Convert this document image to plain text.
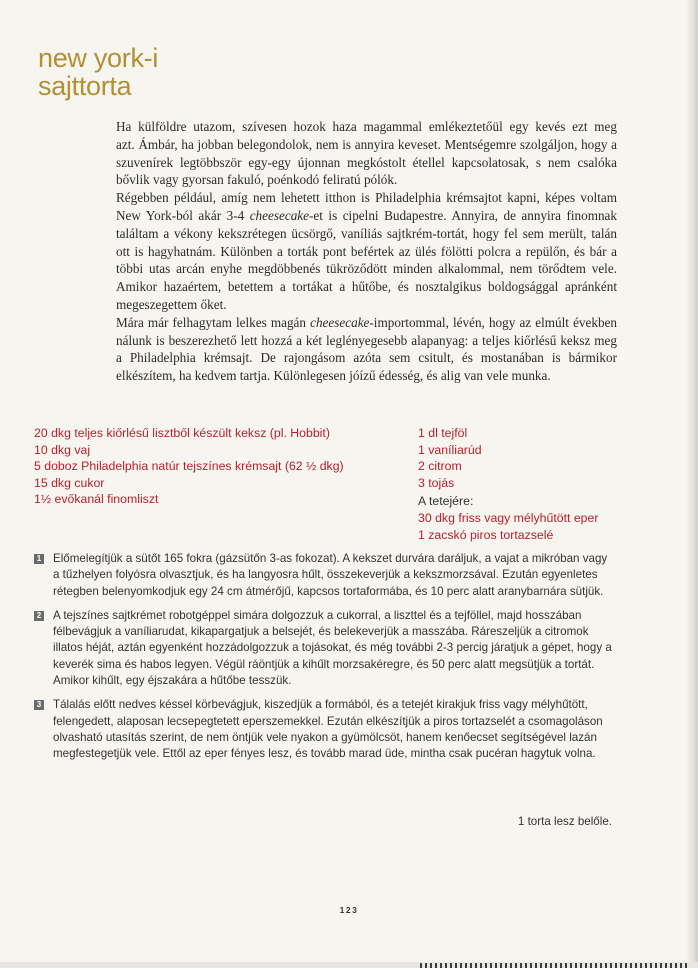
new york-i
sajttorta

Ha külföldre utazom, szívesen hozok haza magammal emlékeztetőül egy kevés ezt meg

azt. Ámbár, ha jobban belegondolok, nem is annyira keveset. Mentségemre szolgáljon, hogy a szuvenírek legtöbbször egy-egy újonnan megkóstolt étellel kapcsolatosak, s nem csalóka bővlik vagy gyorsan fakuló, poénkodó feliratú pólók.

Régebben például, amíg nem lehetett itthon is Philadelphia krémsajtot kapni, képes voltam New York-ból akár 3-4 cheesecake-et is cipelni Budapestre. Annyira, de annyira finomnak találtam a vékony kekszrétegen ücsörgő, vaníliás sajtkrém-tortát, hogy fel sem merült, talán ott is hagyhatnám. Különben a torták pont befértek az ülés fölötti polcra a repülőn, és bár a többi utas arcán enyhe megdöbbenés tükröződött minden alkalommal, nem törődtem vele. Amikor hazaértem, betettem a tortákat a hűtőbe, és nosztalgikus boldogsággal apránként megeszegettem őket.

Mára már felhagytam lelkes magán cheesecake-importommal, lévén, hogy az elmúlt években nálunk is beszerezhető lett hozzá a két leglényegesebb alapanyag: a teljes kiőrlésű keksz meg a Philadelphia krémsajt. De rajongásom azóta sem csitult, és mostanában is bármikor elkészítem, ha kedvem tartja. Különlegesen jóízű édesség, és alig van vele munka.

20 dkg teljes kiőrlésű lisztből készült keksz (pl. Hobbit)
10 dkg vaj
5 doboz Philadelphia natúr tejszínes krémsajt (62 ½ dkg)
15 dkg cukor
1½ evőkanál finomliszt
1 dl tejföl
1 vaníliarúd
2 citrom
3 tojás
A tetejére:
30 dkg friss vagy mélyhűtött eper
1 zacskó piros tortazselé
1 Előmelegítjük a sütőt 165 fokra (gázsütőn 3-as fokozat). A kekszet durvára daráljuk, a vajat a mikróban vagy a tűzhelyen folyósra olvasztjuk, és ha langyosra hűlt, összekeverjük a kekszmorzsával. Ezután egyenletes rétegben belenyomkodjuk egy 24 cm átmérőjű, kapcsos tortaformába, és 10 perc alatt aranybarnára sütjük.
2 A tejszínes sajtkrémet robotgéppel simára dolgozzuk a cukorral, a liszttel és a tejföllel, majd hosszában félbevágjuk a vaníliarudat, kikapargatjuk a belsejét, és belekeverjük a masszába. Ráreszeljük a citromok illatos héját, aztán egyenként hozzádolgozzuk a tojásokat, és még további 2-3 percig járatjuk a gépet, hogy a keverék sima és habos legyen. Végül ráöntjük a kihűlt morzsakéregre, és 50 perc alatt megsütjük a tortát. Amikor kihűlt, egy éjszakára a hűtőbe tesszük.
3 Tálalás előtt nedves késsel körbevágjuk, kiszedjük a formából, és a tetejét kirakjuk friss vagy mélyhűtött, felengedett, alaposan lecsepegtetett eperszemekkel. Ezután elkészítjük a piros tortazselét a csomagoláson olvasható utasítás szerint, de nem öntjük vele nyakon a gyümölcsöt, hanem kenőecset segítségével lazán megfestegetjük vele. Ettől az eper fényes lesz, és tovább marad üde, mintha csak pucéran hagytuk volna.
1 torta lesz belőle.
123
